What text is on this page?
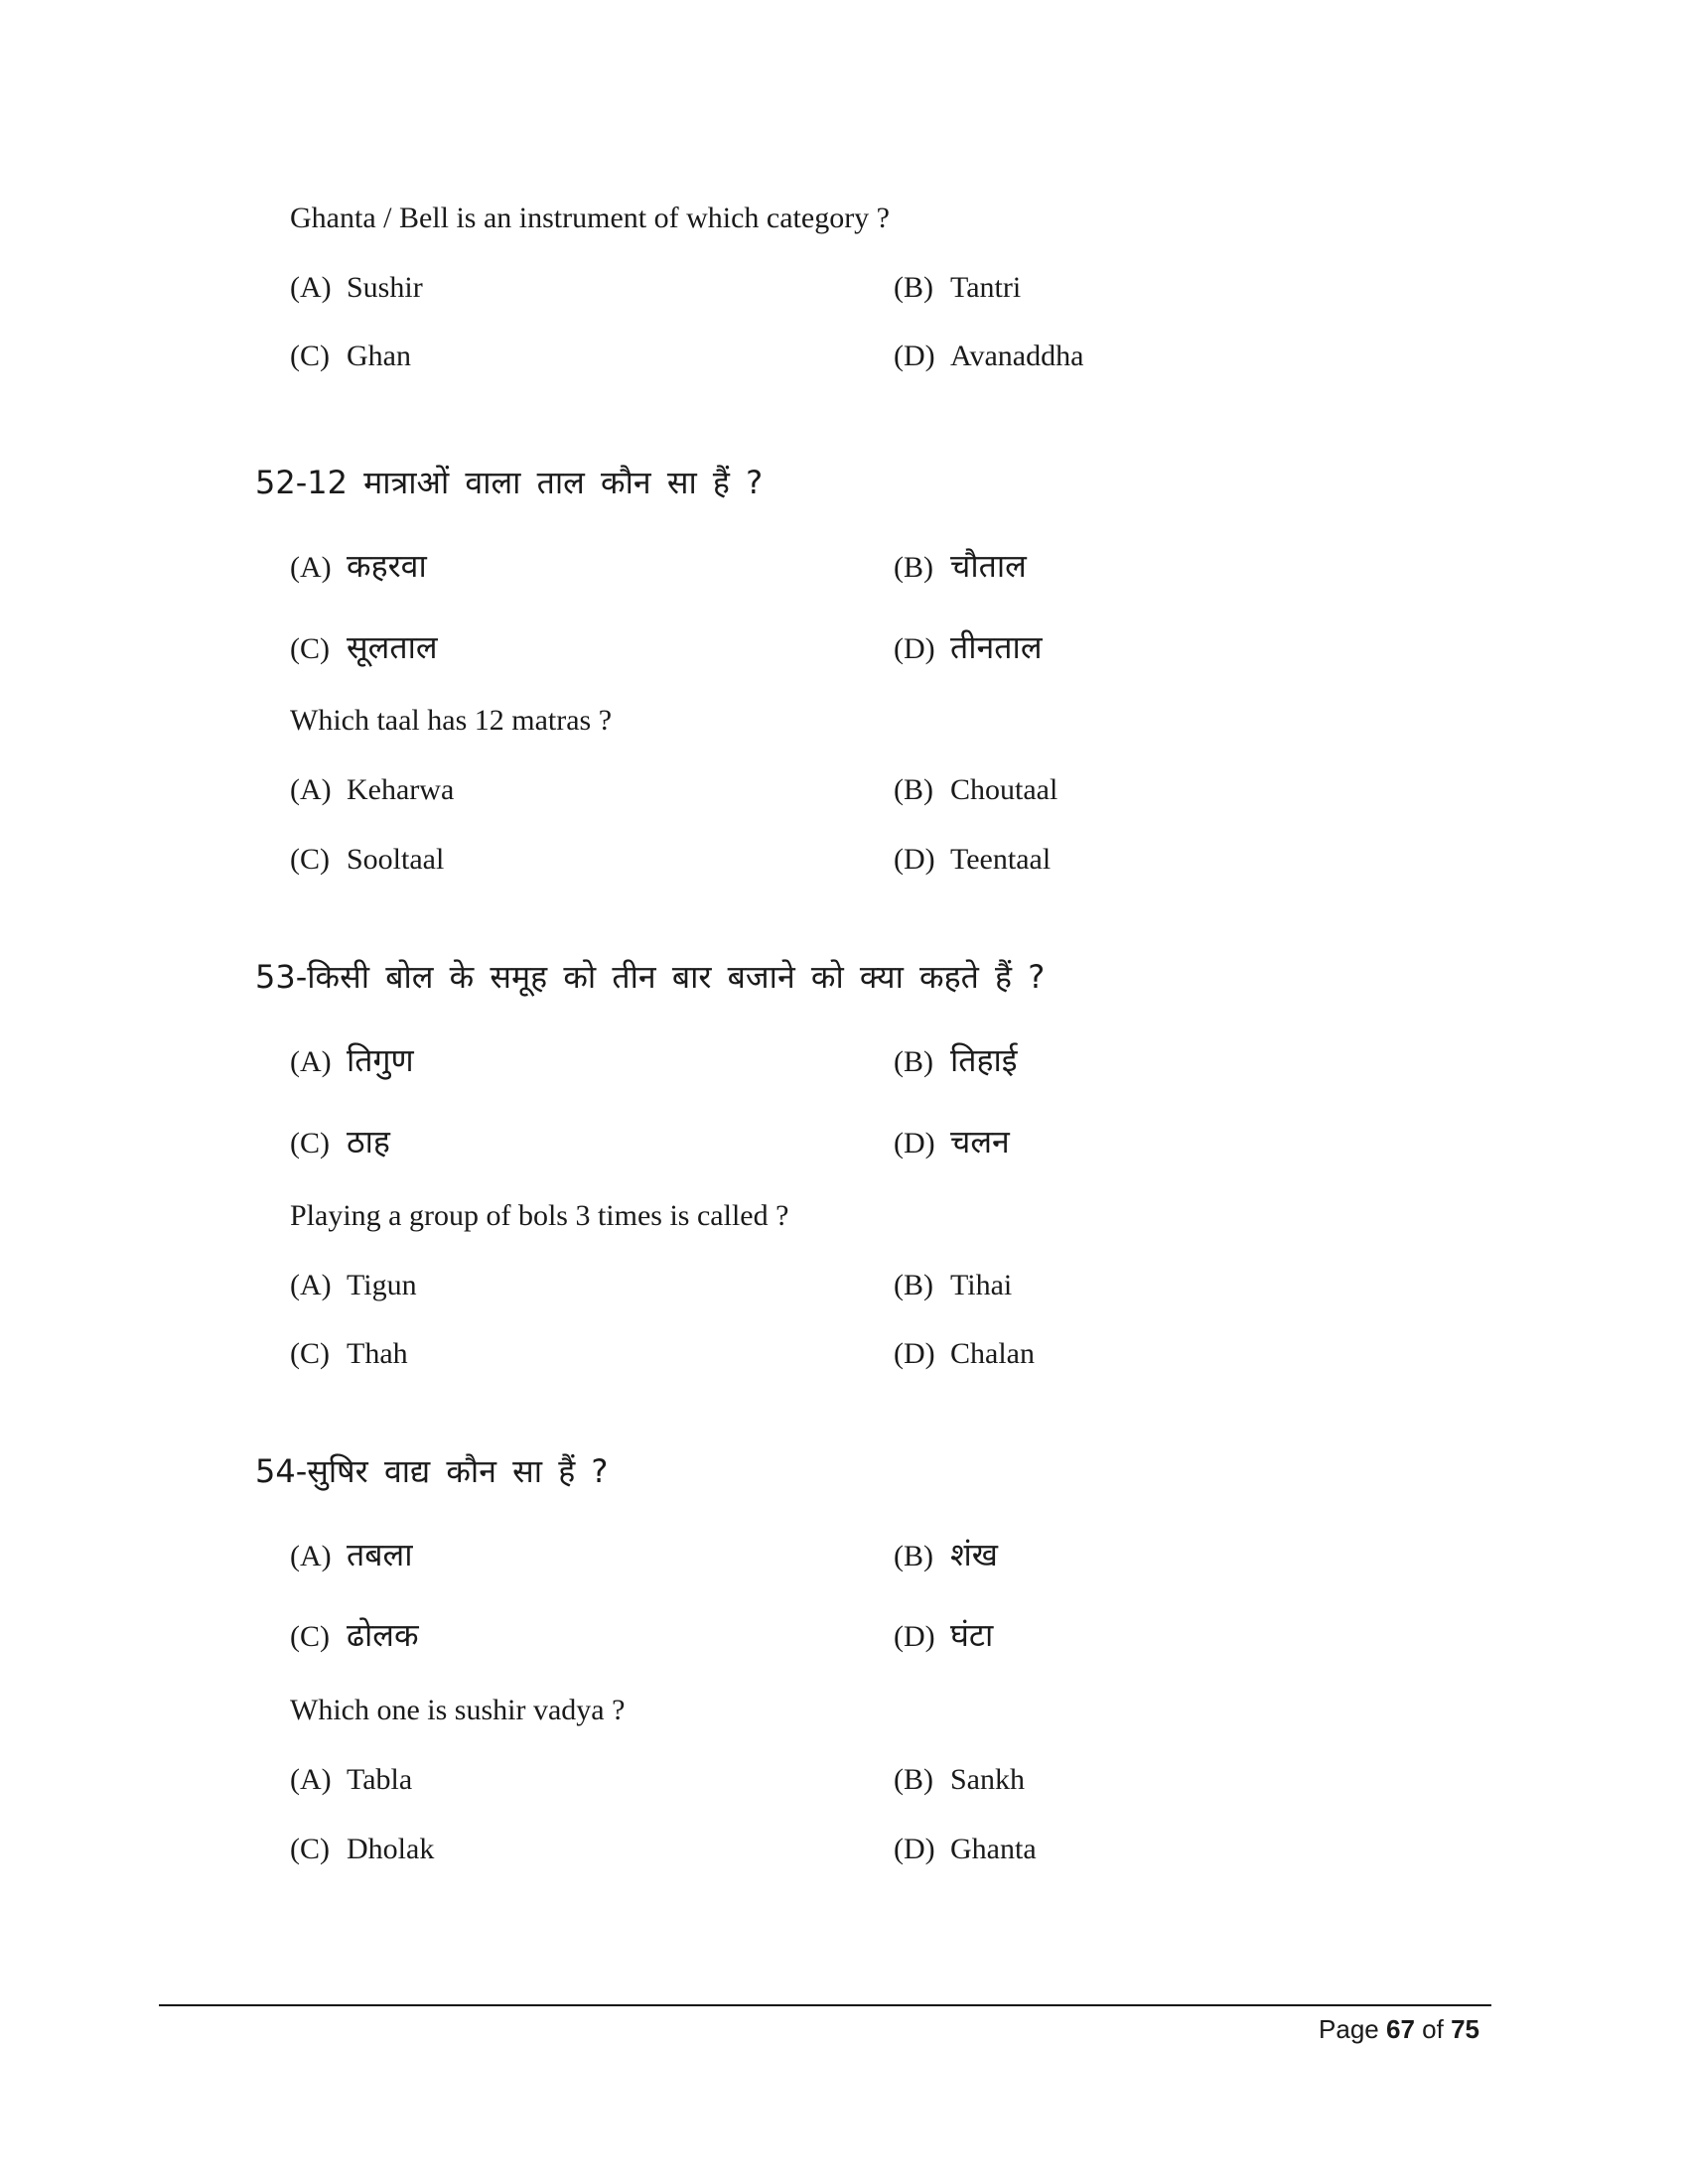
Ghanta / Bell is an instrument of which category ?
(A) Sushir	(B) Tantri
(C) Ghan	(D) Avanaddha
52-12 मात्राओं वाला ताल कौन सा हैं ?
(A) कहरवा	(B) चौताल
(C) सूलताल	(D) तीनताल
Which taal has 12 matras ?
(A) Keharwa	(B) Choutaal
(C) Sooltaal	(D) Teentaal
53-किसी बोल के समूह को तीन बार बजाने को क्या कहते हैं ?
(A) तिगुण	(B) तिहाई
(C) ठाह	(D) चलन
Playing a group of bols 3 times is called ?
(A) Tigun	(B) Tihai
(C) Thah	(D) Chalan
54-सुषिर वाद्य कौन सा हैं ?
(A) तबला	(B) शंख
(C) ढोलक	(D) घंटा
Which one is sushir vadya ?
(A) Tabla	(B) Sankh
(C) Dholak	(D) Ghanta
Page 67 of 75
